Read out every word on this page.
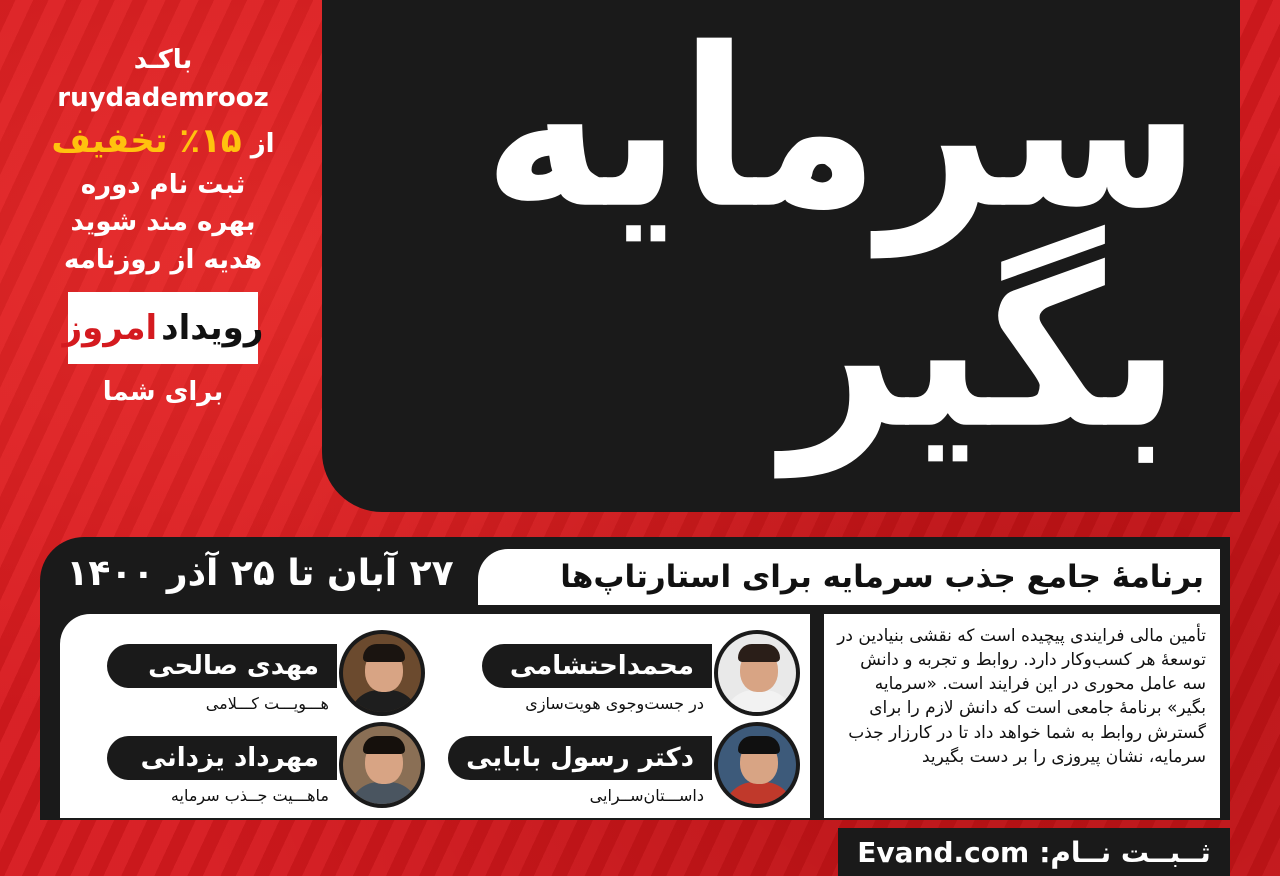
باکـد
ruydademrooz
از ۱۵٪ تخفیف
ثبت نام دوره
بهره مند شوید
هدیه از روزنامه
رویداد
امروز
برای شما
سرمایه
بگیر
۲۷ آبان تا ۲۵ آذر ۱۴۰۰	برنامهٔ جامع جذب سرمایه برای استارتاپ‌ها
محمداحتشامی
در جست‌وجوی هویت‌سازی
مهدی صالحی
هـــویـــت کـــلامی
دکتر رسول بابایی
داســـتان‌ســرایی
مهرداد یزدانی
ماهـــیت جــذب سرمایه
تأمین مالی فرایندی پیچیده است که نقشی بنیادین در توسعهٔ هر کسب‌وکار دارد. روابط و تجربه و دانش سه عامل محوری در این فرایند است. «سرمایه بگیر» برنامهٔ جامعی است که دانش لازم را برای گسترش روابط به شما خواهد داد تا در کارزار جذب سرمایه، نشان پیروزی را بر دست بگیرید
Evand.com ثــبــت نــام:
